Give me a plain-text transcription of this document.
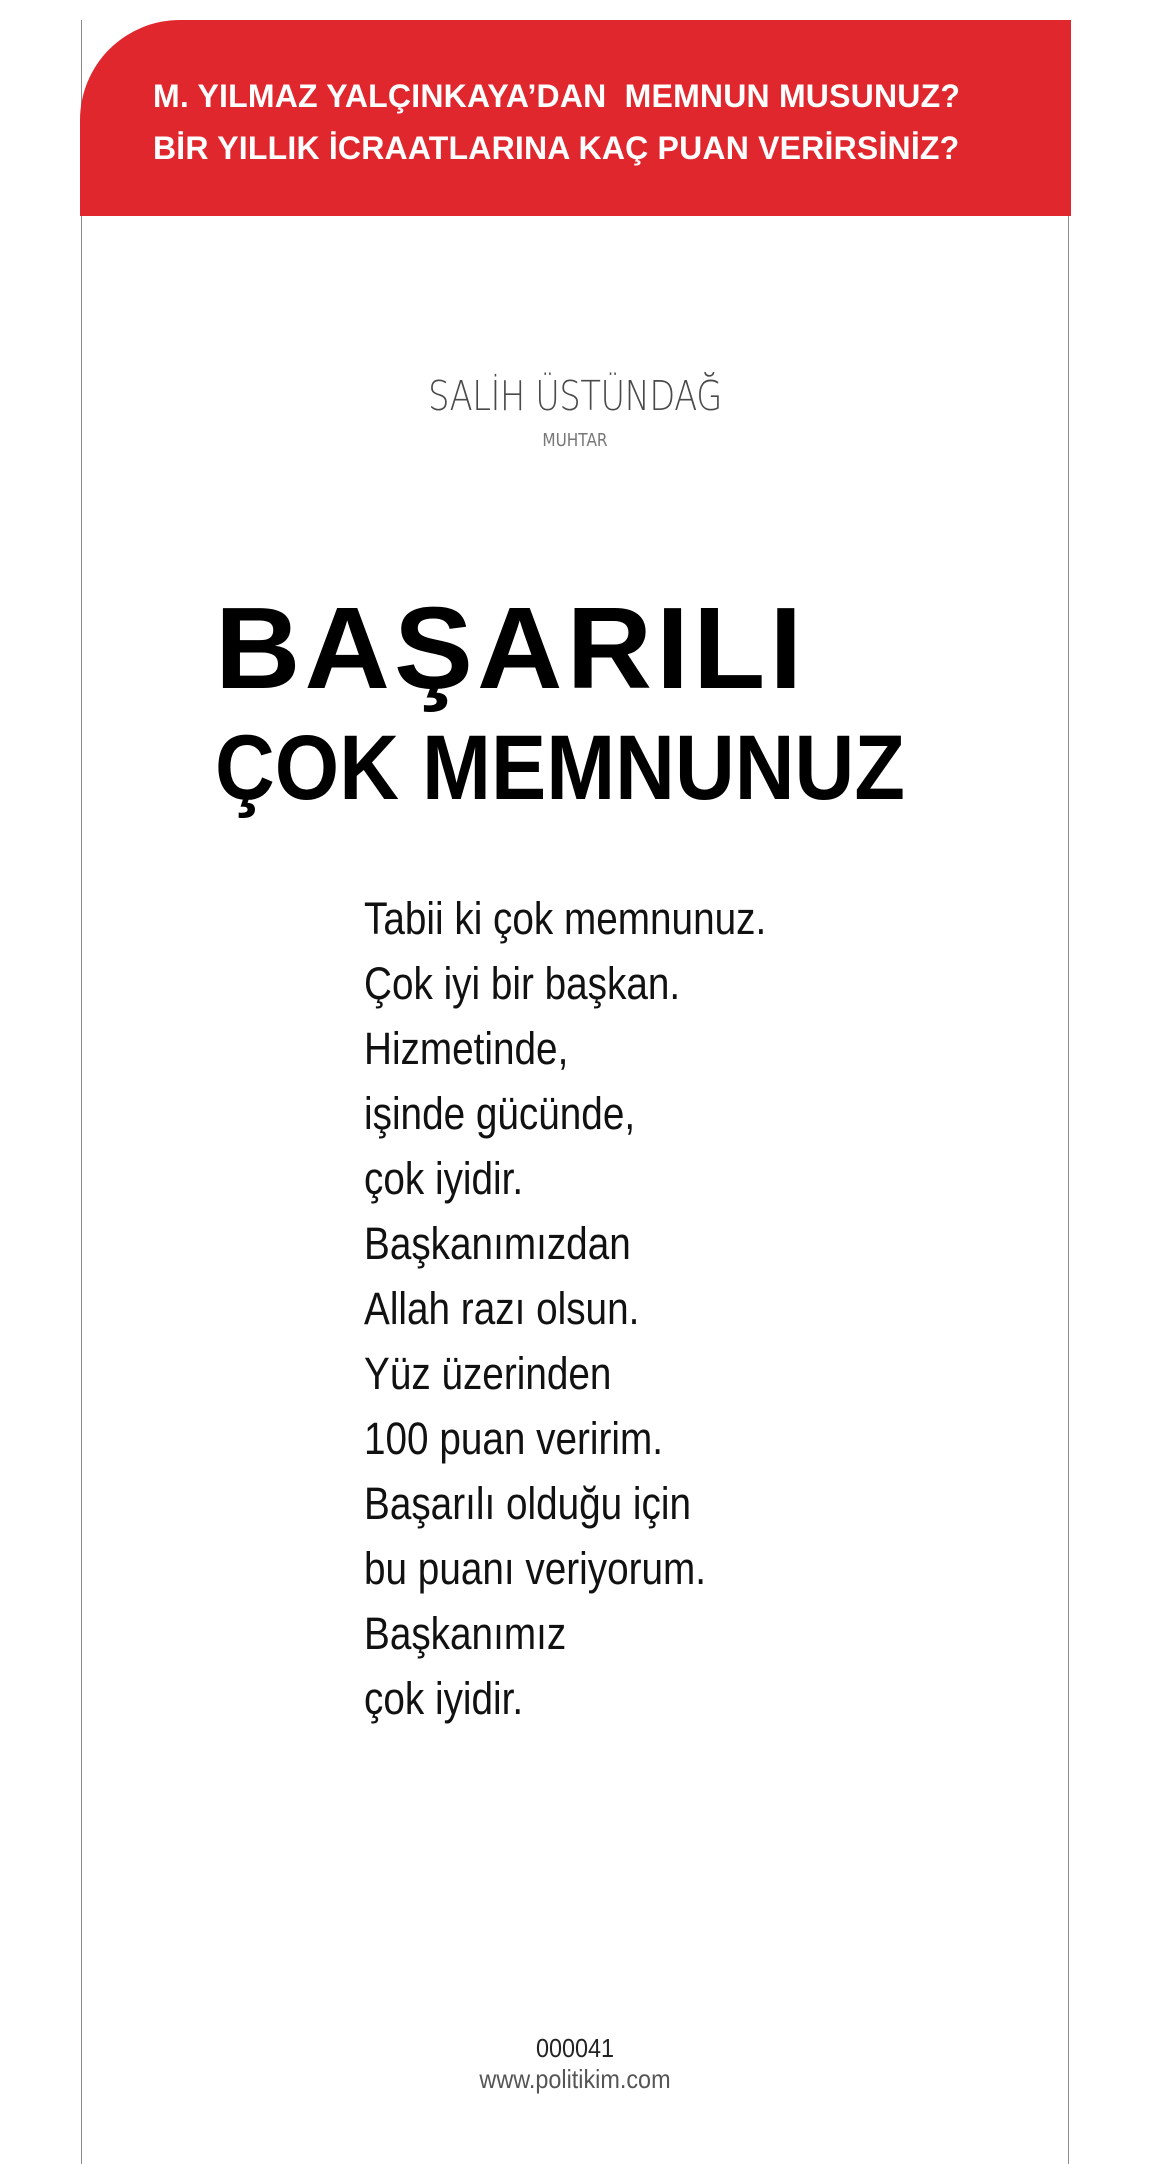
M. YILMAZ YALÇINKAYA’DAN  MEMNUN MUSUNUZ?
BİR YILLIK İCRAATLARINA KAÇ PUAN VERİRSİNİZ?
SALİH ÜSTÜNDAĞ
MUHTAR
BAŞARILI
ÇOK MEMNUNUZ
Tabii ki çok memnunuz.
Çok iyi bir başkan.
Hizmetinde,
işinde gücünde,
çok iyidir.
Başkanımızdan
Allah razı olsun.
Yüz üzerinden
100 puan veririm.
Başarılı olduğu için
bu puanı veriyorum.
Başkanımız
çok iyidir.
000041
www.politikim.com
